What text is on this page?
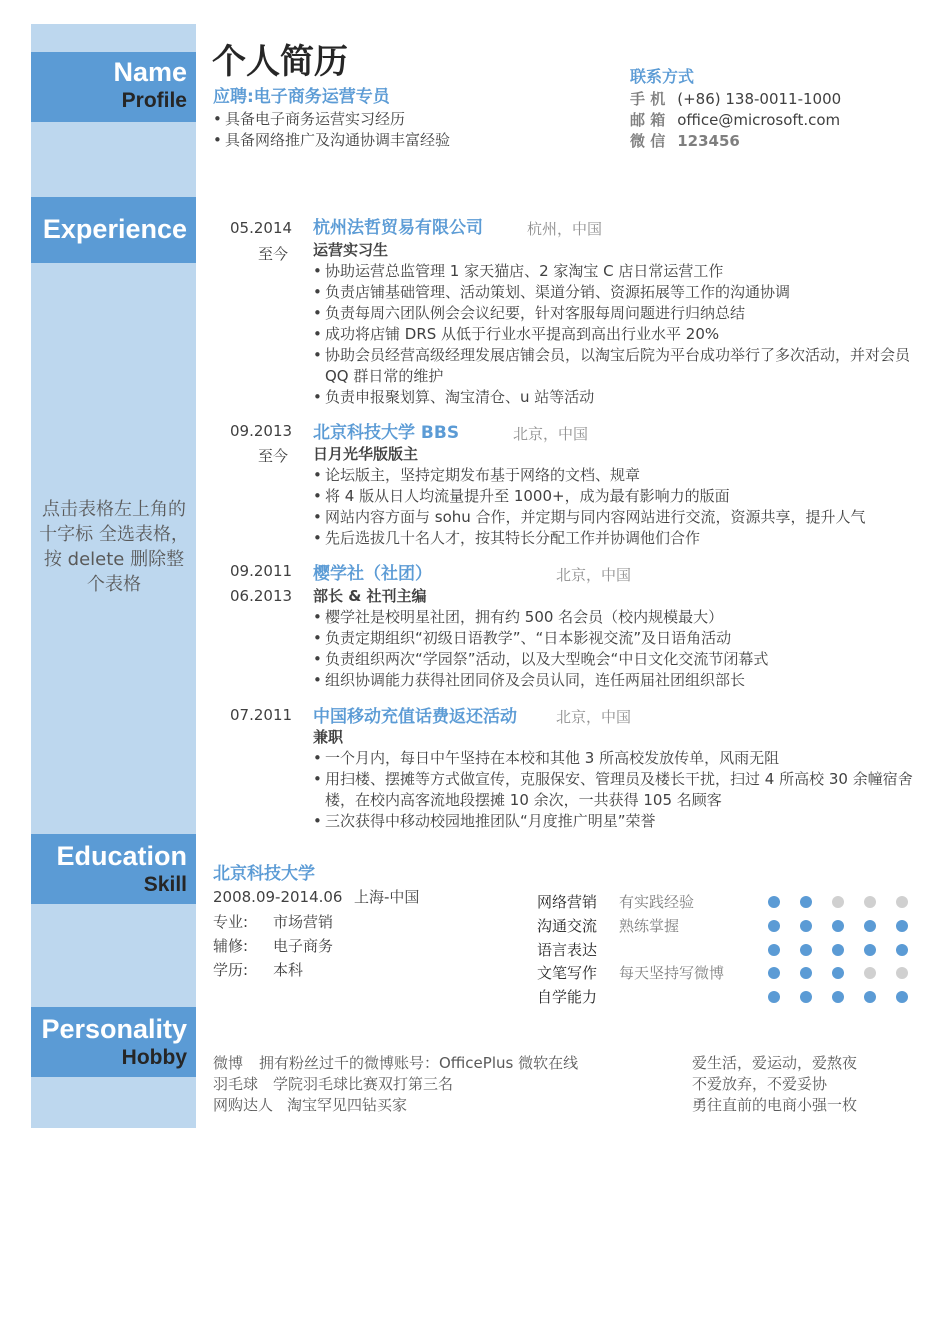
Name
Profile
Experience
点击表格左上角的 十字标 全选表格，按 delete 删除整个表格
Education
Skill
Personality
Hobby
个人简历
应聘:电子商务运营专员
• 具备电子商务运营实习经历
• 具备网络推广及沟通协调丰富经验
联系方式
手 机 (+86) 138-0011-1000
邮 箱 office@microsoft.com
微 信 123456
05.2014
至今
杭州法哲贸易有限公司	杭州，中国
运营实习生
• 协助运营总监管理 1 家天猫店、2 家淘宝 C 店日常运营工作
• 负责店铺基础管理、活动策划、渠道分销、资源拓展等工作的沟通协调
• 负责每周六团队例会会议纪要，针对客服每周问题进行归纳总结
• 成功将店铺 DRS 从低于行业水平提高到高出行业水平 20%
• 协助会员经营高级经理发展店铺会员，以淘宝后院为平台成功举行了多次活动，并对会员 QQ 群日常的维护
• 负责申报聚划算、淘宝清仓、u 站等活动
09.2013
至今
北京科技大学 BBS	北京，中国
日月光华版版主
• 论坛版主，坚持定期发布基于网络的文档、规章
• 将 4 版从日人均流量提升至 1000+，成为最有影响力的版面
• 网站内容方面与 sohu 合作，并定期与同内容网站进行交流，资源共享，提升人气
• 先后选拔几十名人才，按其特长分配工作并协调他们合作
09.2011
06.2013
樱学社（社团）	北京，中国
部长 & 社刊主编
• 樱学社是校明星社团，拥有约 500 名会员（校内规模最大）
• 负责定期组织“初级日语教学”、“日本影视交流”及日语角活动
• 负责组织两次“学园祭”活动，以及大型晚会“中日文化交流节闭幕式
• 组织协调能力获得社团同侪及会员认同，连任两届社团组织部长
07.2011 中国移动充值话费返还活动	北京，中国
兼职
• 一个月内，每日中午坚持在本校和其他 3 所高校发放传单，风雨无阻
• 用扫楼、摆摊等方式做宣传，克服保安、管理员及楼长干扰，扫过 4 所高校 30 余幢宿舍楼，在校内高客流地段摆摊 10 余次，一共获得 105 名顾客
• 三次获得中移动校园地推团队“月度推广明星”荣誉
北京科技大学
2008.09-2014.06 上海-中国
专业: 市场营销
辅修: 电子商务
学历: 本科
网络营销 有实践经验
沟通交流 熟练掌握
语言表达
文笔写作 每天坚持写微博
自学能力
微博 拥有粉丝过千的微博账号：OfficePlus 微软在线
羽毛球 学院羽毛球比赛双打第三名
网购达人 淘宝罕见四钻买家
爱生活，爱运动，爱熬夜
不爱放弃，不爱妥协
勇往直前的电商小强一枚
